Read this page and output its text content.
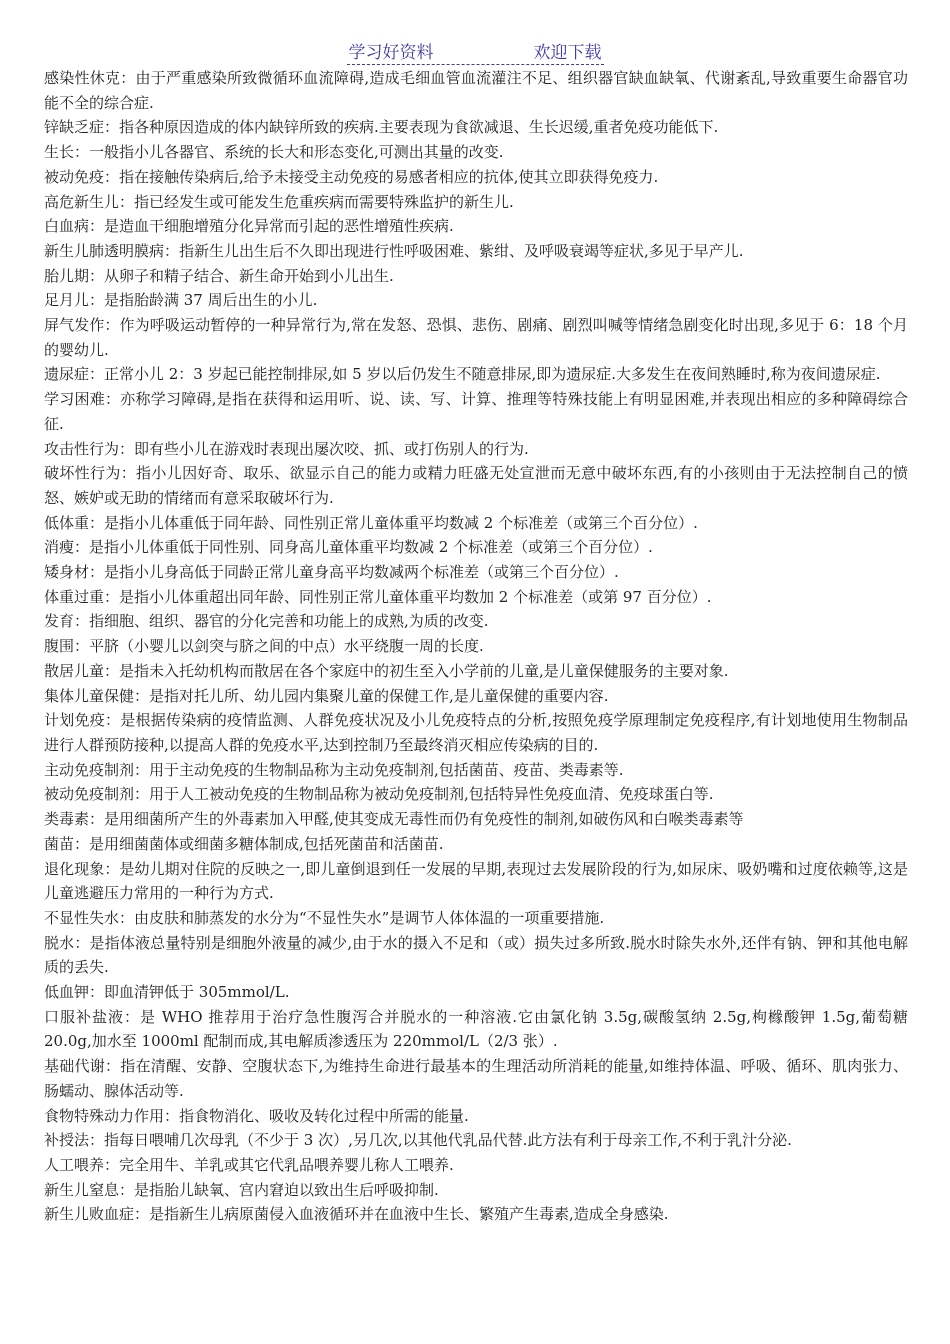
学习好资料	欢迎下载

感染性休克：由于严重感染所致微循环血流障碍,造成毛细血管血流灌注不足、组织器官缺血缺氧、代谢紊乱,导致重要生命器官功能不全的综合症.

锌缺乏症：指各种原因造成的体内缺锌所致的疾病.主要表现为食欲减退、生长迟缓,重者免疫功能低下.

生长：一般指小儿各器官、系统的长大和形态变化,可测出其量的改变.

被动免疫：指在接触传染病后,给予未接受主动免疫的易感者相应的抗体,使其立即获得免疫力.

高危新生儿：指已经发生或可能发生危重疾病而需要特殊监护的新生儿.

白血病：是造血干细胞增殖分化异常而引起的恶性增殖性疾病.

新生儿肺透明膜病：指新生儿出生后不久即出现进行性呼吸困难、紫绀、及呼吸衰竭等症状,多见于早产儿.

胎儿期：从卵子和精子结合、新生命开始到小儿出生.

足月儿：是指胎龄满 37 周后出生的小儿.

屏气发作：作为呼吸运动暂停的一种异常行为,常在发怒、恐惧、悲伤、剧痛、剧烈叫喊等情绪急剧变化时出现,多见于 6：18 个月的婴幼儿.

遗尿症：正常小儿 2：3 岁起已能控制排尿,如 5 岁以后仍发生不随意排尿,即为遗尿症.大多发生在夜间熟睡时,称为夜间遗尿症.

学习困难：亦称学习障碍,是指在获得和运用听、说、读、写、计算、推理等特殊技能上有明显困难,并表现出相应的多种障碍综合征.

攻击性行为：即有些小儿在游戏时表现出屡次咬、抓、或打伤别人的行为.

破坏性行为：指小儿因好奇、取乐、欲显示自己的能力或精力旺盛无处宣泄而无意中破坏东西,有的小孩则由于无法控制自己的愤怒、嫉妒或无助的情绪而有意采取破坏行为.

低体重：是指小儿体重低于同年龄、同性别正常儿童体重平均数减 2 个标准差（或第三个百分位）.

消瘦：是指小儿体重低于同性别、同身高儿童体重平均数减 2 个标准差（或第三个百分位）.

矮身材：是指小儿身高低于同龄正常儿童身高平均数减两个标准差（或第三个百分位）.

体重过重：是指小儿体重超出同年龄、同性别正常儿童体重平均数加 2 个标准差（或第 97 百分位）.

发育：指细胞、组织、器官的分化完善和功能上的成熟,为质的改变.

腹围：平脐（小婴儿以剑突与脐之间的中点）水平绕腹一周的长度.

散居儿童：是指未入托幼机构而散居在各个家庭中的初生至入小学前的儿童,是儿童保健服务的主要对象.

集体儿童保健：是指对托儿所、幼儿园内集聚儿童的保健工作,是儿童保健的重要内容.

计划免疫：是根据传染病的疫情监测、人群免疫状况及小儿免疫特点的分析,按照免疫学原理制定免疫程序,有计划地使用生物制品进行人群预防接种,以提高人群的免疫水平,达到控制乃至最终消灭相应传染病的目的.

主动免疫制剂：用于主动免疫的生物制品称为主动免疫制剂,包括菌苗、疫苗、类毒素等.

被动免疫制剂：用于人工被动免疫的生物制品称为被动免疫制剂,包括特异性免疫血清、免疫球蛋白等.

类毒素：是用细菌所产生的外毒素加入甲醛,使其变成无毒性而仍有免疫性的制剂,如破伤风和白喉类毒素等

菌苗：是用细菌菌体或细菌多糖体制成,包括死菌苗和活菌苗.

退化现象：是幼儿期对住院的反映之一,即儿童倒退到任一发展的早期,表现过去发展阶段的行为,如尿床、吸奶嘴和过度依赖等,这是儿童逃避压力常用的一种行为方式.

不显性失水：由皮肤和肺蒸发的水分为“不显性失水”是调节人体体温的一项重要措施.

脱水：是指体液总量特别是细胞外液量的减少,由于水的摄入不足和（或）损失过多所致.脱水时除失水外,还伴有钠、钾和其他电解质的丢失.

低血钾：即血清钾低于 305mmol/L.

口服补盐液：是 WHO 推荐用于治疗急性腹泻合并脱水的一种溶液.它由氯化钠 3.5g,碳酸氢纳 2.5g,枸橼酸钾 1.5g,葡萄糖 20.0g,加水至 1000ml 配制而成,其电解质渗透压为 220mmol/L（2/3 张）.

基础代谢：指在清醒、安静、空腹状态下,为维持生命进行最基本的生理活动所消耗的能量,如维持体温、呼吸、循环、肌肉张力、肠蠕动、腺体活动等.

食物特殊动力作用：指食物消化、吸收及转化过程中所需的能量.

补授法：指每日喂哺几次母乳（不少于 3 次）,另几次,以其他代乳品代替.此方法有利于母亲工作,不利于乳汁分泌.

人工喂养：完全用牛、羊乳或其它代乳品喂养婴儿称人工喂养.

新生儿窒息：是指胎儿缺氧、宫内窘迫以致出生后呼吸抑制.

新生儿败血症：是指新生儿病原菌侵入血液循环并在血液中生长、繁殖产生毒素,造成全身感染.
